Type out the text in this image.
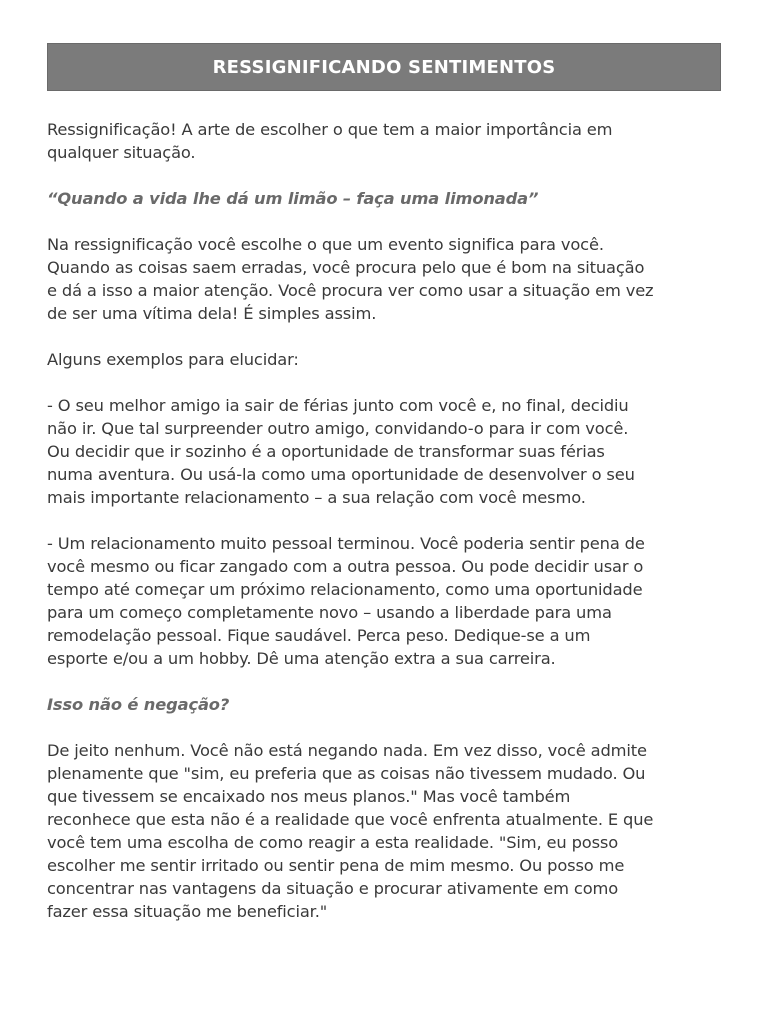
RESSIGNIFICANDO SENTIMENTOS

Ressignificação! A arte de escolher o que tem a maior importância em
qualquer situação.

“Quando a vida lhe dá um limão – faça uma limonada”

Na ressignificação você escolhe o que um evento significa para você.
Quando as coisas saem erradas, você procura pelo que é bom na situação
e dá a isso a maior atenção. Você procura ver como usar a situação em vez
de ser uma vítima dela! É simples assim.

Alguns exemplos para elucidar:

- O seu melhor amigo ia sair de férias junto com você e, no final, decidiu
não ir. Que tal surpreender outro amigo, convidando-o para ir com você.
Ou decidir que ir sozinho é a oportunidade de transformar suas férias
numa aventura. Ou usá-la como uma oportunidade de desenvolver o seu
mais importante relacionamento – a sua relação com você mesmo.

- Um relacionamento muito pessoal terminou. Você poderia sentir pena de
você mesmo ou ficar zangado com a outra pessoa. Ou pode decidir usar o
tempo até começar um próximo relacionamento, como uma oportunidade
para um começo completamente novo – usando a liberdade para uma
remodelação pessoal. Fique saudável. Perca peso. Dedique-se a um
esporte e/ou a um hobby. Dê uma atenção extra a sua carreira.

Isso não é negação?

De jeito nenhum. Você não está negando nada. Em vez disso, você admite
plenamente que "sim, eu preferia que as coisas não tivessem mudado. Ou
que tivessem se encaixado nos meus planos." Mas você também
reconhece que esta não é a realidade que você enfrenta atualmente. E que
você tem uma escolha de como reagir a esta realidade. "Sim, eu posso
escolher me sentir irritado ou sentir pena de mim mesmo. Ou posso me
concentrar nas vantagens da situação e procurar ativamente em como
fazer essa situação me beneficiar."
